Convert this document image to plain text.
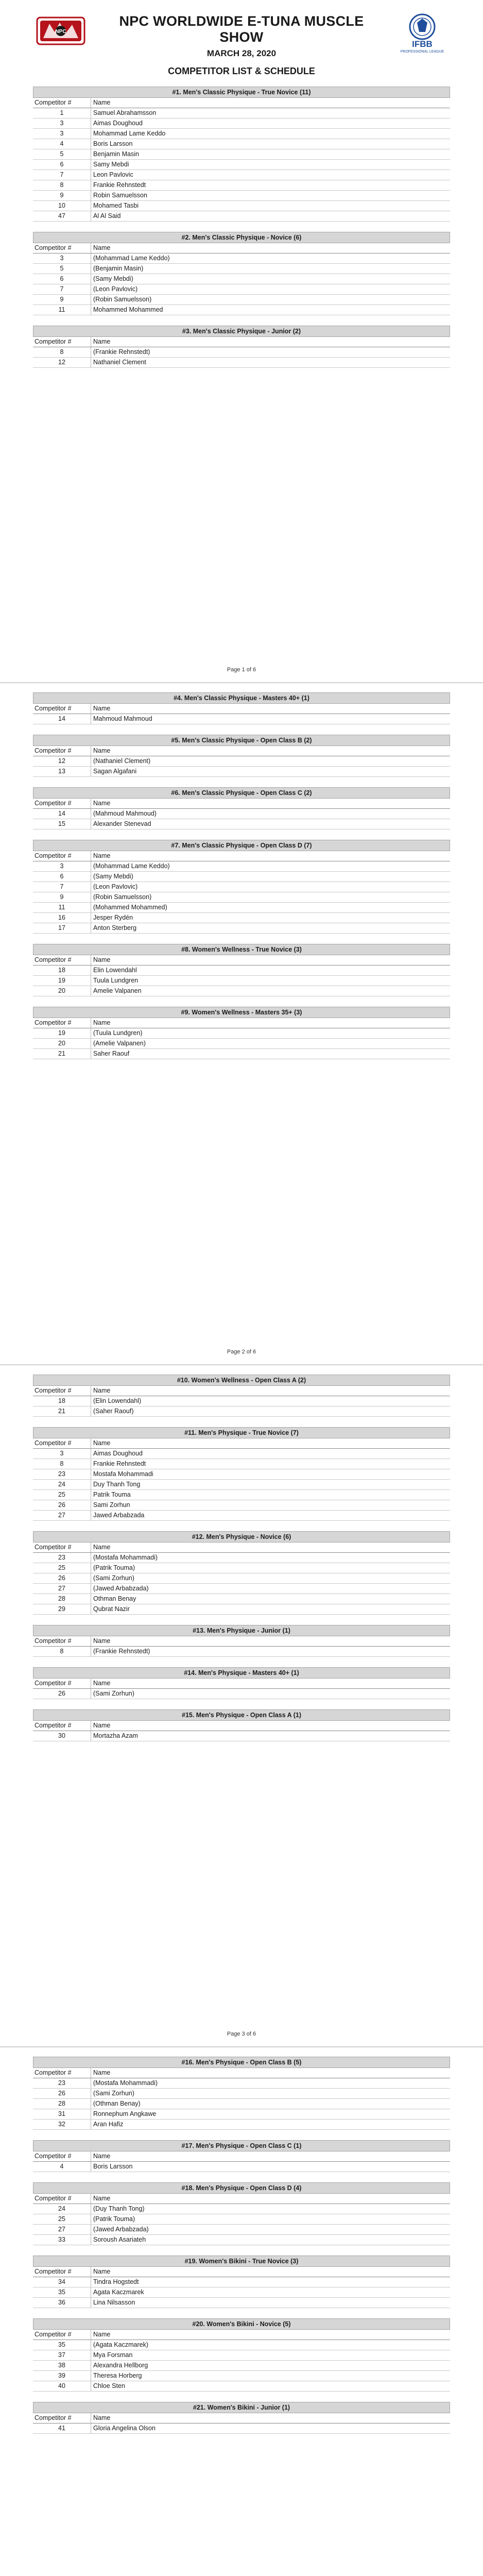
NPC
IFBB
PROFESSIONAL LEAGUE
NPC WORLDWIDE E-TUNA MUSCLE
SHOW
MARCH 28, 2020
COMPETITOR LIST & SCHEDULE
#1. Men's Classic Physique - True Novice (11)
Competitor #	Name
1	Samuel Abrahamsson
3	Aimas Doughoud
3	Mohammad Lame Keddo
4	Boris Larsson
5	Benjamin Masin
6	Samy Mebdi
7	Leon Pavlovic
8	Frankie Rehnstedt
9	Robin Samuelsson
10	Mohamed Tasbi
47	Al Al Said
#2. Men's Classic Physique - Novice (6)
Competitor #	Name
3	(Mohammad Lame Keddo)
5	(Benjamin Masin)
6	(Samy Mebdi)
7	(Leon Pavlovic)
9	(Robin Samuelsson)
11	Mohammed Mohammed
#3. Men's Classic Physique - Junior (2)
Competitor #	Name
8	(Frankie Rehnstedt)
12	Nathaniel Clement
Page 1 of 6
#4. Men's Classic Physique - Masters 40+ (1)
Competitor #	Name
14	Mahmoud Mahmoud
#5. Men's Classic Physique - Open Class B (2)
Competitor #	Name
12	(Nathaniel Clement)
13	Sagan Algafani
#6. Men's Classic Physique - Open Class C (2)
Competitor #	Name
14	(Mahmoud Mahmoud)
15	Alexander Stenevad
#7. Men's Classic Physique - Open Class D (7)
Competitor #	Name
3	(Mohammad Lame Keddo)
6	(Samy Mebdi)
7	(Leon Pavlovic)
9	(Robin Samuelsson)
11	(Mohammed Mohammed)
16	Jesper Rydén
17	Anton Sterberg
#8. Women's Wellness - True Novice (3)
Competitor #	Name
18	Elin Lowendahl
19	Tuula Lundgren
20	Amelie Valpanen
#9. Women's Wellness - Masters 35+ (3)
Competitor #	Name
19	(Tuula Lundgren)
20	(Amelie Valpanen)
21	Saher Raouf
Page 2 of 6
#10. Women's Wellness - Open Class A (2)
Competitor #	Name
18	(Elin Lowendahl)
21	(Saher Raouf)
#11. Men's Physique - True Novice (7)
Competitor #	Name
3	Aimas Doughoud
8	Frankie Rehnstedt
23	Mostafa Mohammadi
24	Duy Thanh Tong
25	Patrik Touma
26	Sami Zorhun
27	Jawed Arbabzada
#12. Men's Physique - Novice (6)
Competitor #	Name
23	(Mostafa Mohammadi)
25	(Patrik Touma)
26	(Sami Zorhun)
27	(Jawed Arbabzada)
28	Othman Benay
29	Qubrat Nazir
#13. Men's Physique - Junior (1)
Competitor #	Name
8	(Frankie Rehnstedt)
#14. Men's Physique - Masters 40+ (1)
Competitor #	Name
26	(Sami Zorhun)
#15. Men's Physique - Open Class A (1)
Competitor #	Name
30	Mortazha Azam
Page 3 of 6
#16. Men's Physique - Open Class B (5)
Competitor #	Name
23	(Mostafa Mohammadi)
26	(Sami Zorhun)
28	(Othman Benay)
31	Ronnephum Angkawe
32	Aran Hafiz
#17. Men's Physique - Open Class C (1)
Competitor #	Name
4	Boris Larsson
#18. Men's Physique - Open Class D (4)
Competitor #	Name
24	(Duy Thanh Tong)
25	(Patrik Touma)
27	(Jawed Arbabzada)
33	Soroush Asariateh
#19. Women's Bikini - True Novice (3)
Competitor #	Name
34	Tindra Hogstedt
35	Agata Kaczmarek
36	Lina Nilsasson
#20. Women's Bikini - Novice (5)
Competitor #	Name
35	(Agata Kaczmarek)
37	Mya Forsman
38	Alexandra Hellborg
39	Theresa Horberg
40	Chloe Sten
#21. Women's Bikini - Junior (1)
Competitor #	Name
41	Gloria Angelina Olson
